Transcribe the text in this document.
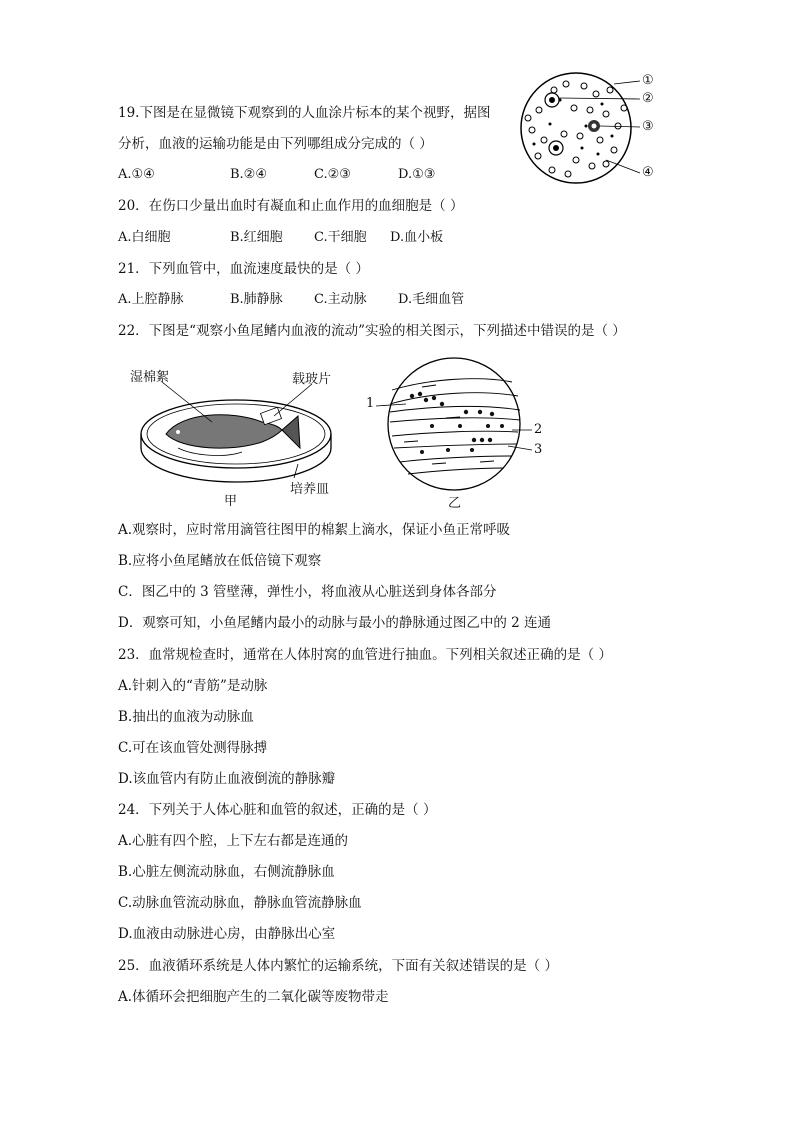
19.下图是在显微镜下观察到的人血涂片标本的某个视野，据图
分析，血液的运输功能是由下列哪组成分完成的（ ）
A.①④	B.②④	C.②③	D.①③
①
②
③
④
20．在伤口少量出血时有凝血和止血作用的血细胞是（ ）
A.白细胞	B.红细胞 C.干细胞 D.血小板
21．下列血管中，血流速度最快的是（ ）
A.上腔静脉	B.肺静脉 C.主动脉 D.毛细血管
22．下图是“观察小鱼尾鳍内血液的流动”实验的相关图示，下列描述中错误的是（ ）
湿棉絮	载玻片
培养皿
甲
1
2
3
乙
A.观察时，应时常用滴管往图甲的棉絮上滴水，保证小鱼正常呼吸
B.应将小鱼尾鳍放在低倍镜下观察
C．图乙中的 3 管壁薄，弹性小，将血液从心脏送到身体各部分
D．观察可知，小鱼尾鳍内最小的动脉与最小的静脉通过图乙中的 2 连通
23．血常规检查时，通常在人体肘窝的血管进行抽血。下列相关叙述正确的是（ ）
A.针刺入的“青筋”是动脉
B.抽出的血液为动脉血
C.可在该血管处测得脉搏
D.该血管内有防止血液倒流的静脉瓣
24．下列关于人体心脏和血管的叙述，正确的是（ ）
A.心脏有四个腔，上下左右都是连通的
B.心脏左侧流动脉血，右侧流静脉血
C.动脉血管流动脉血，静脉血管流静脉血
D.血液由动脉进心房，由静脉出心室
25．血液循环系统是人体内繁忙的运输系统，下面有关叙述错误的是（ ）
A.体循环会把细胞产生的二氧化碳等废物带走
